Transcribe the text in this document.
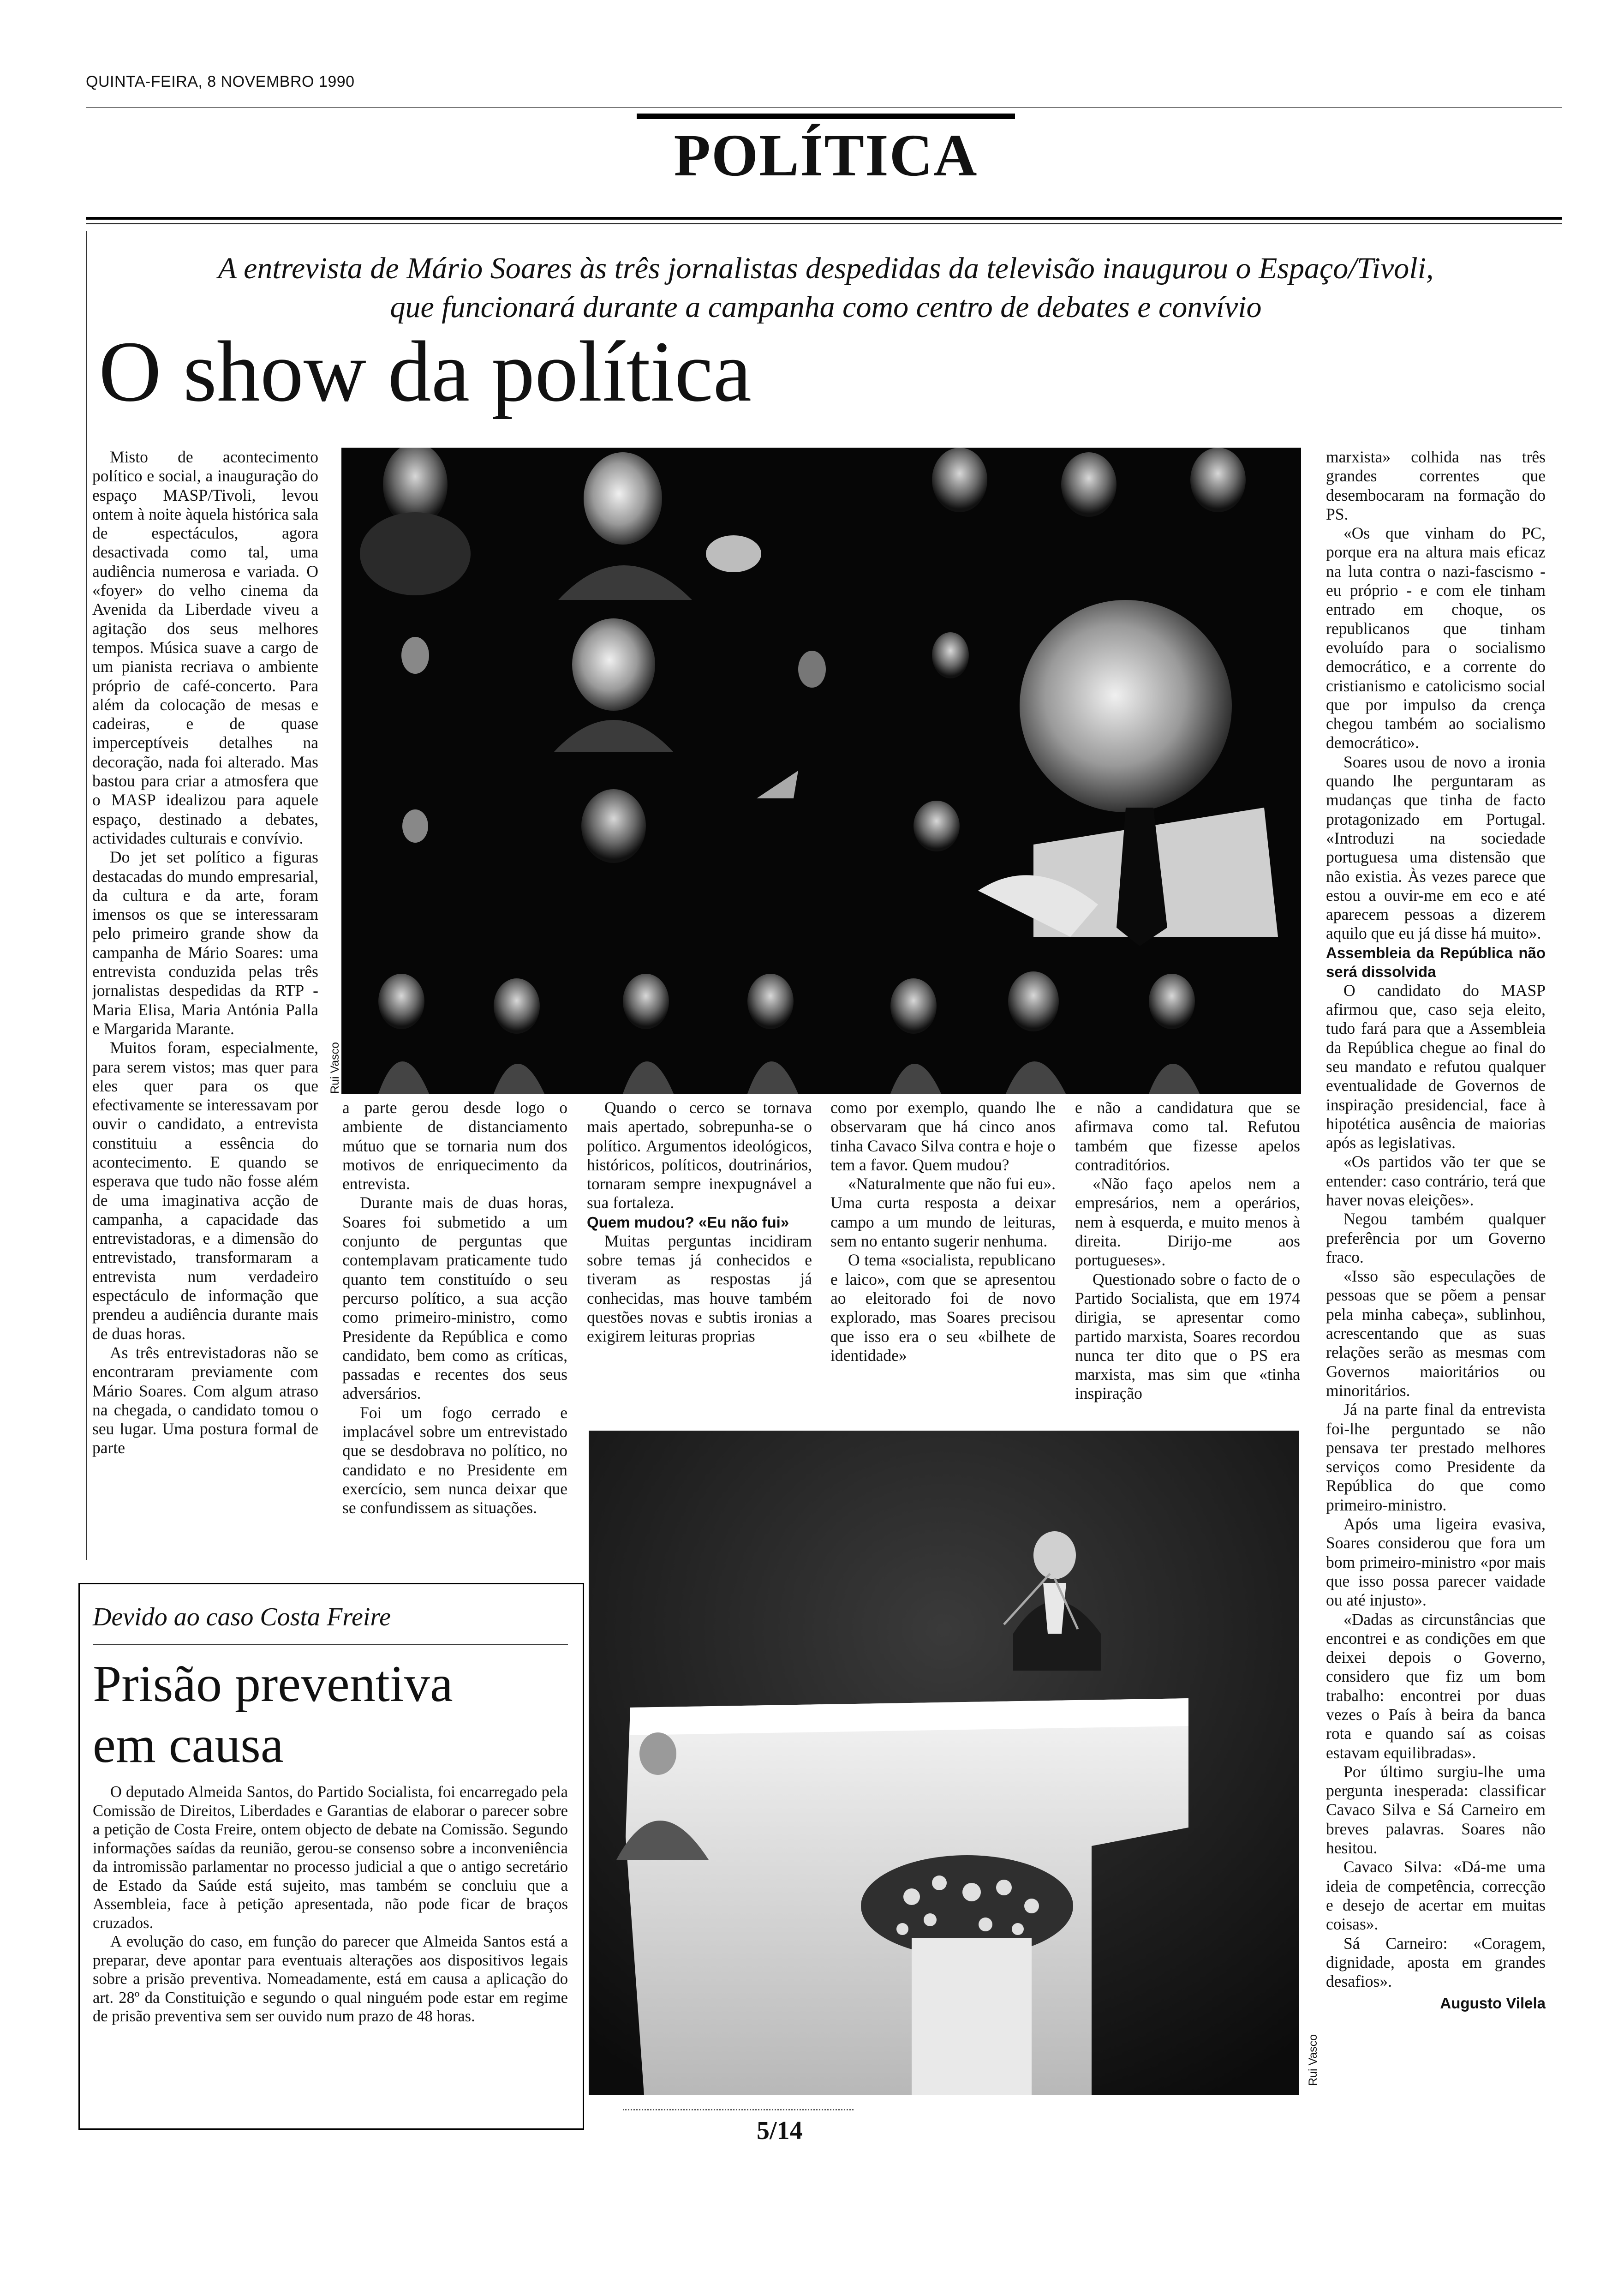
QUINTA-FEIRA, 8 NOVEMBRO 1990
POLÍTICA
A entrevista de Mário Soares às três jornalistas despedidas da televisão inaugurou o Espaço/Tivoli,
que funcionará durante a campanha como centro de debates e convívio
O show da política

Misto de acontecimento político e social, a inauguração do espaço MASP/Tivoli, levou ontem à noite àquela histórica sala de espectáculos, agora desactivada como tal, uma audiência numerosa e variada. O «foyer» do velho cinema da Avenida da Liberdade viveu a agitação dos seus melhores tempos. Música suave a cargo de um pianista recriava o ambiente próprio de café-concerto. Para além da colocação de mesas e cadeiras, e de quase imperceptíveis detalhes na decoração, nada foi alterado. Mas bastou para criar a atmosfera que o MASP idealizou para aquele espaço, destinado a debates, actividades culturais e convívio.

Do jet set político a figuras destacadas do mundo empresarial, da cultura e da arte, foram imensos os que se interessaram pelo primeiro grande show da campanha de Mário Soares: uma entrevista conduzida pelas três jornalistas despedidas da RTP - Maria Elisa, Maria Antónia Palla e Margarida Marante.

Muitos foram, especialmente, para serem vistos; mas quer para eles quer para os que efectivamente se interessavam por ouvir o candidato, a entrevista constituiu a essência do acontecimento. E quando se esperava que tudo não fosse além de uma imaginativa acção de campanha, a capacidade das entrevistadoras, e a dimensão do entrevistado, transformaram a entrevista num verdadeiro espectáculo de informação que prendeu a audiência durante mais de duas horas.

As três entrevistadoras não se encontraram previamente com Mário Soares. Com algum atraso na chegada, o candidato tomou o seu lugar. Uma postura formal de parte

Rui Vasco

a parte gerou desde logo o ambiente de distanciamento mútuo que se tornaria num dos motivos de enriquecimento da entrevista.

Durante mais de duas horas, Soares foi submetido a um conjunto de perguntas que contemplavam praticamente tudo quanto tem constituído o seu percurso político, a sua acção como primeiro-ministro, como Presidente da República e como candidato, bem como as críticas, passadas e recentes dos seus adversários.

Foi um fogo cerrado e implacável sobre um entrevistado que se desdobrava no político, no candidato e no Presidente em exercício, sem nunca deixar que se confundissem as situações.

Quando o cerco se tornava mais apertado, sobrepunha-se o político. Argumentos ideológicos, históricos, políticos, doutrinários, tornaram sempre inexpugnável a sua fortaleza.

Quem mudou? «Eu não fui»

Muitas perguntas incidiram sobre temas já conhecidos e tiveram as respostas já conhecidas, mas houve também questões novas e subtis ironias a exigirem leituras proprias

como por exemplo, quando lhe observaram que há cinco anos tinha Cavaco Silva contra e hoje o tem a favor. Quem mudou?

«Naturalmente que não fui eu». Uma curta resposta a deixar campo a um mundo de leituras, sem no entanto sugerir nenhuma.

O tema «socialista, republicano e laico», com que se apresentou ao eleitorado foi de novo explorado, mas Soares precisou que isso era o seu «bilhete de identidade»

e não a candidatura que se afirmava como tal. Refutou também que fizesse apelos contraditórios.

«Não faço apelos nem a empresários, nem a operários, nem à esquerda, e muito menos à direita. Dirijo-me aos portugueses».

Questionado sobre o facto de o Partido Socialista, que em 1974 dirigia, se apresentar como partido marxista, Soares recordou nunca ter dito que o PS era marxista, mas sim que «tinha inspiração

marxista» colhida nas três grandes correntes que desembocaram na formação do PS.

«Os que vinham do PC, porque era na altura mais eficaz na luta contra o nazi-fascismo - eu próprio - e com ele tinham entrado em choque, os republicanos que tinham evoluído para o socialismo democrático, e a corrente do cristianismo e catolicismo social que por impulso da crença chegou também ao socialismo democrático».

Soares usou de novo a ironia quando lhe perguntaram as mudanças que tinha de facto protagonizado em Portugal. «Introduzi na sociedade portuguesa uma distensão que não existia. Às vezes parece que estou a ouvir-me em eco e até aparecem pessoas a dizerem aquilo que eu já disse há muito».

Assembleia da República não será dissolvida

O candidato do MASP afirmou que, caso seja eleito, tudo fará para que a Assembleia da República chegue ao final do seu mandato e refutou qualquer eventualidade de Governos de inspiração presidencial, face à hipotética ausência de maiorias após as legislativas.

«Os partidos vão ter que se entender: caso contrário, terá que haver novas eleições».

Negou também qualquer preferência por um Governo fraco.

«Isso são especulações de pessoas que se põem a pensar pela minha cabeça», sublinhou, acrescentando que as suas relações serão as mesmas com Governos maioritários ou minoritários.

Já na parte final da entrevista foi-lhe perguntado se não pensava ter prestado melhores serviços como Presidente da República do que como primeiro-ministro.

Após uma ligeira evasiva, Soares considerou que fora um bom primeiro-ministro «por mais que isso possa parecer vaidade ou até injusto».

«Dadas as circunstâncias que encontrei e as condições em que deixei depois o Governo, considero que fiz um bom trabalho: encontrei por duas vezes o País à beira da banca rota e quando saí as coisas estavam equilibradas».

Por último surgiu-lhe uma pergunta inesperada: classificar Cavaco Silva e Sá Carneiro em breves palavras. Soares não hesitou.

Cavaco Silva: «Dá-me uma ideia de competência, correcção e desejo de acertar em muitas coisas».

Sá Carneiro: «Coragem, dignidade, aposta em grandes desafios».

Augusto Vilela

Rui Vasco
Devido ao caso Costa Freire
Prisão preventiva
em causa

O deputado Almeida Santos, do Partido Socialista, foi encarregado pela Comissão de Direitos, Liberdades e Garantias de elaborar o parecer sobre a petição de Costa Freire, ontem objecto de debate na Comissão. Segundo informações saídas da reunião, gerou-se consenso sobre a inconveniência da intromissão parlamentar no processo judicial a que o antigo secretário de Estado da Saúde está sujeito, mas também se concluiu que a Assembleia, face à petição apresentada, não pode ficar de braços cruzados.

A evolução do caso, em função do parecer que Almeida Santos está a preparar, deve apontar para eventuais alterações aos dispositivos legais sobre a prisão preventiva. Nomeadamente, está em causa a aplicação do art. 28º da Constituição e segundo o qual ninguém pode estar em regime de prisão preventiva sem ser ouvido num prazo de 48 horas.

5/14
